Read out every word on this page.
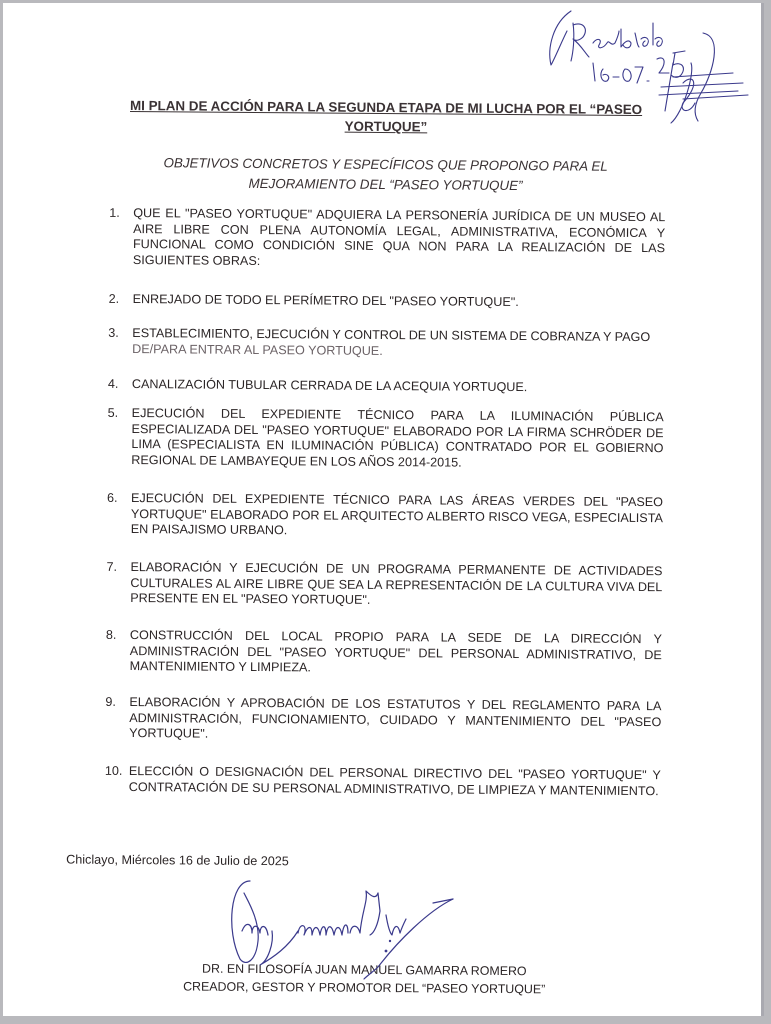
MI PLAN DE ACCIÓN PARA LA SEGUNDA ETAPA DE MI LUCHA POR EL “PASEO YORTUQUE”
OBJETIVOS CONCRETOS Y ESPECÍFICOS QUE PROPONGO PARA EL MEJORAMIENTO DEL “PASEO YORTUQUE”
1.	QUE EL "PASEO YORTUQUE" ADQUIERA LA PERSONERÍA JURÍDICA DE UN MUSEO AL AIRE LIBRE CON PLENA AUTONOMÍA LEGAL, ADMINISTRATIVA, ECONÓMICA Y FUNCIONAL COMO CONDICIÓN SINE QUA NON PARA LA REALIZACIÓN DE LAS SIGUIENTES OBRAS:
2.	ENREJADO DE TODO EL PERÍMETRO DEL "PASEO YORTUQUE".
3.	ESTABLECIMIENTO, EJECUCIÓN Y CONTROL DE UN SISTEMA DE COBRANZA Y PAGO
DE/PARA ENTRAR AL PASEO YORTUQUE.
4.	CANALIZACIÓN TUBULAR CERRADA DE LA ACEQUIA YORTUQUE.
5.	EJECUCIÓN DEL EXPEDIENTE TÉCNICO PARA LA ILUMINACIÓN PÚBLICA ESPECIALIZADA DEL "PASEO YORTUQUE" ELABORADO POR LA FIRMA SCHRÖDER DE LIMA (ESPECIALISTA EN ILUMINACIÓN PÚBLICA) CONTRATADO POR EL GOBIERNO REGIONAL DE LAMBAYEQUE EN LOS AÑOS 2014-2015.
6.	EJECUCIÓN DEL EXPEDIENTE TÉCNICO PARA LAS ÁREAS VERDES DEL "PASEO YORTUQUE" ELABORADO POR EL ARQUITECTO ALBERTO RISCO VEGA, ESPECIALISTA EN PAISAJISMO URBANO.
7.	ELABORACIÓN Y EJECUCIÓN DE UN PROGRAMA PERMANENTE DE ACTIVIDADES CULTURALES AL AIRE LIBRE QUE SEA LA REPRESENTACIÓN DE LA CULTURA VIVA DEL PRESENTE EN EL "PASEO YORTUQUE".
8.	CONSTRUCCIÓN DEL LOCAL PROPIO PARA LA SEDE DE LA DIRECCIÓN Y ADMINISTRACIÓN DEL "PASEO YORTUQUE" DEL PERSONAL ADMINISTRATIVO, DE MANTENIMIENTO Y LIMPIEZA.
9.	ELABORACIÓN Y APROBACIÓN DE LOS ESTATUTOS Y DEL REGLAMENTO PARA LA ADMINISTRACIÓN, FUNCIONAMIENTO, CUIDADO Y MANTENIMIENTO DEL "PASEO YORTUQUE".
10. ELECCIÓN O DESIGNACIÓN DEL PERSONAL DIRECTIVO DEL "PASEO YORTUQUE" Y CONTRATACIÓN DE SU PERSONAL ADMINISTRATIVO, DE LIMPIEZA Y MANTENIMIENTO.
Chiclayo, Miércoles 16 de Julio de 2025
DR. EN FILOSOFÍA JUAN MANUEL GAMARRA ROMERO
CREADOR, GESTOR Y PROMOTOR DEL “PASEO YORTUQUE”
